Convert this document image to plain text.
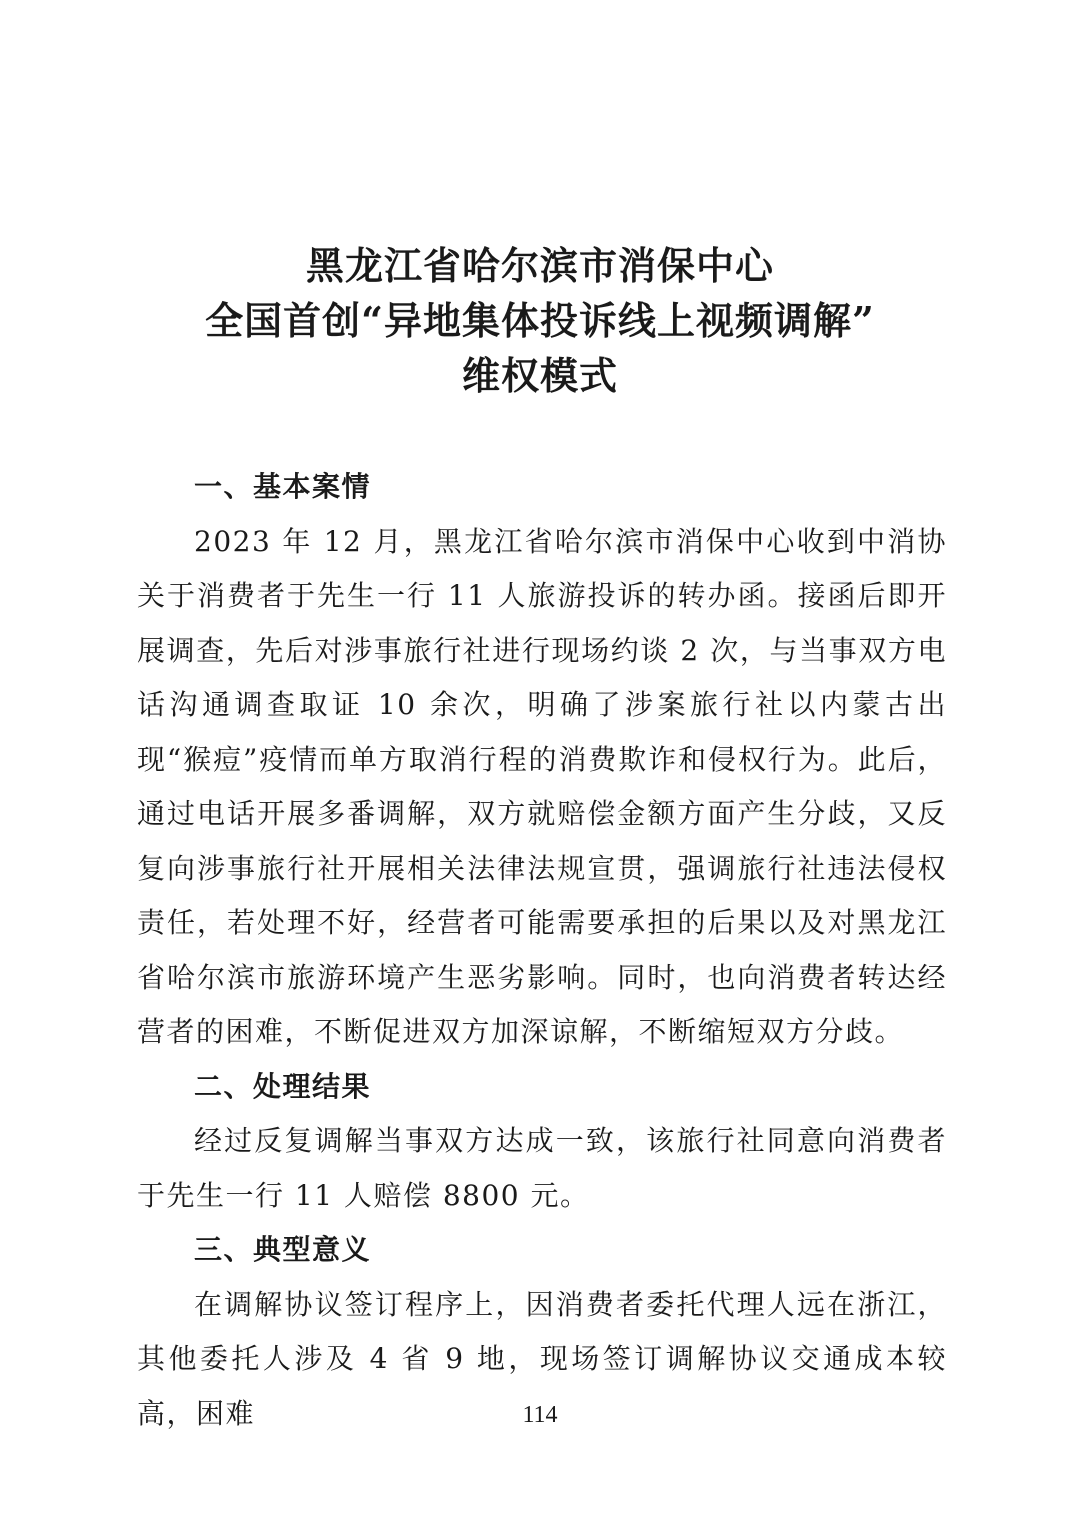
黑龙江省哈尔滨市消保中心
全国首创“异地集体投诉线上视频调解”
维权模式

一、基本案情

2023 年 12 月，黑龙江省哈尔滨市消保中心收到中消协关于消费者于先生一行 11 人旅游投诉的转办函。接函后即开展调查，先后对涉事旅行社进行现场约谈 2 次，与当事双方电话沟通调查取证 10 余次，明确了涉案旅行社以内蒙古出现“猴痘”疫情而单方取消行程的消费欺诈和侵权行为。此后，通过电话开展多番调解，双方就赔偿金额方面产生分歧，又反复向涉事旅行社开展相关法律法规宣贯，强调旅行社违法侵权责任，若处理不好，经营者可能需要承担的后果以及对黑龙江省哈尔滨市旅游环境产生恶劣影响。同时，也向消费者转达经营者的困难，不断促进双方加深谅解，不断缩短双方分歧。

二、处理结果

经过反复调解当事双方达成一致，该旅行社同意向消费者于先生一行 11 人赔偿 8800 元。

三、典型意义

在调解协议签订程序上，因消费者委托代理人远在浙江，其他委托人涉及 4 省 9 地，现场签订调解协议交通成本较高，困难	114
